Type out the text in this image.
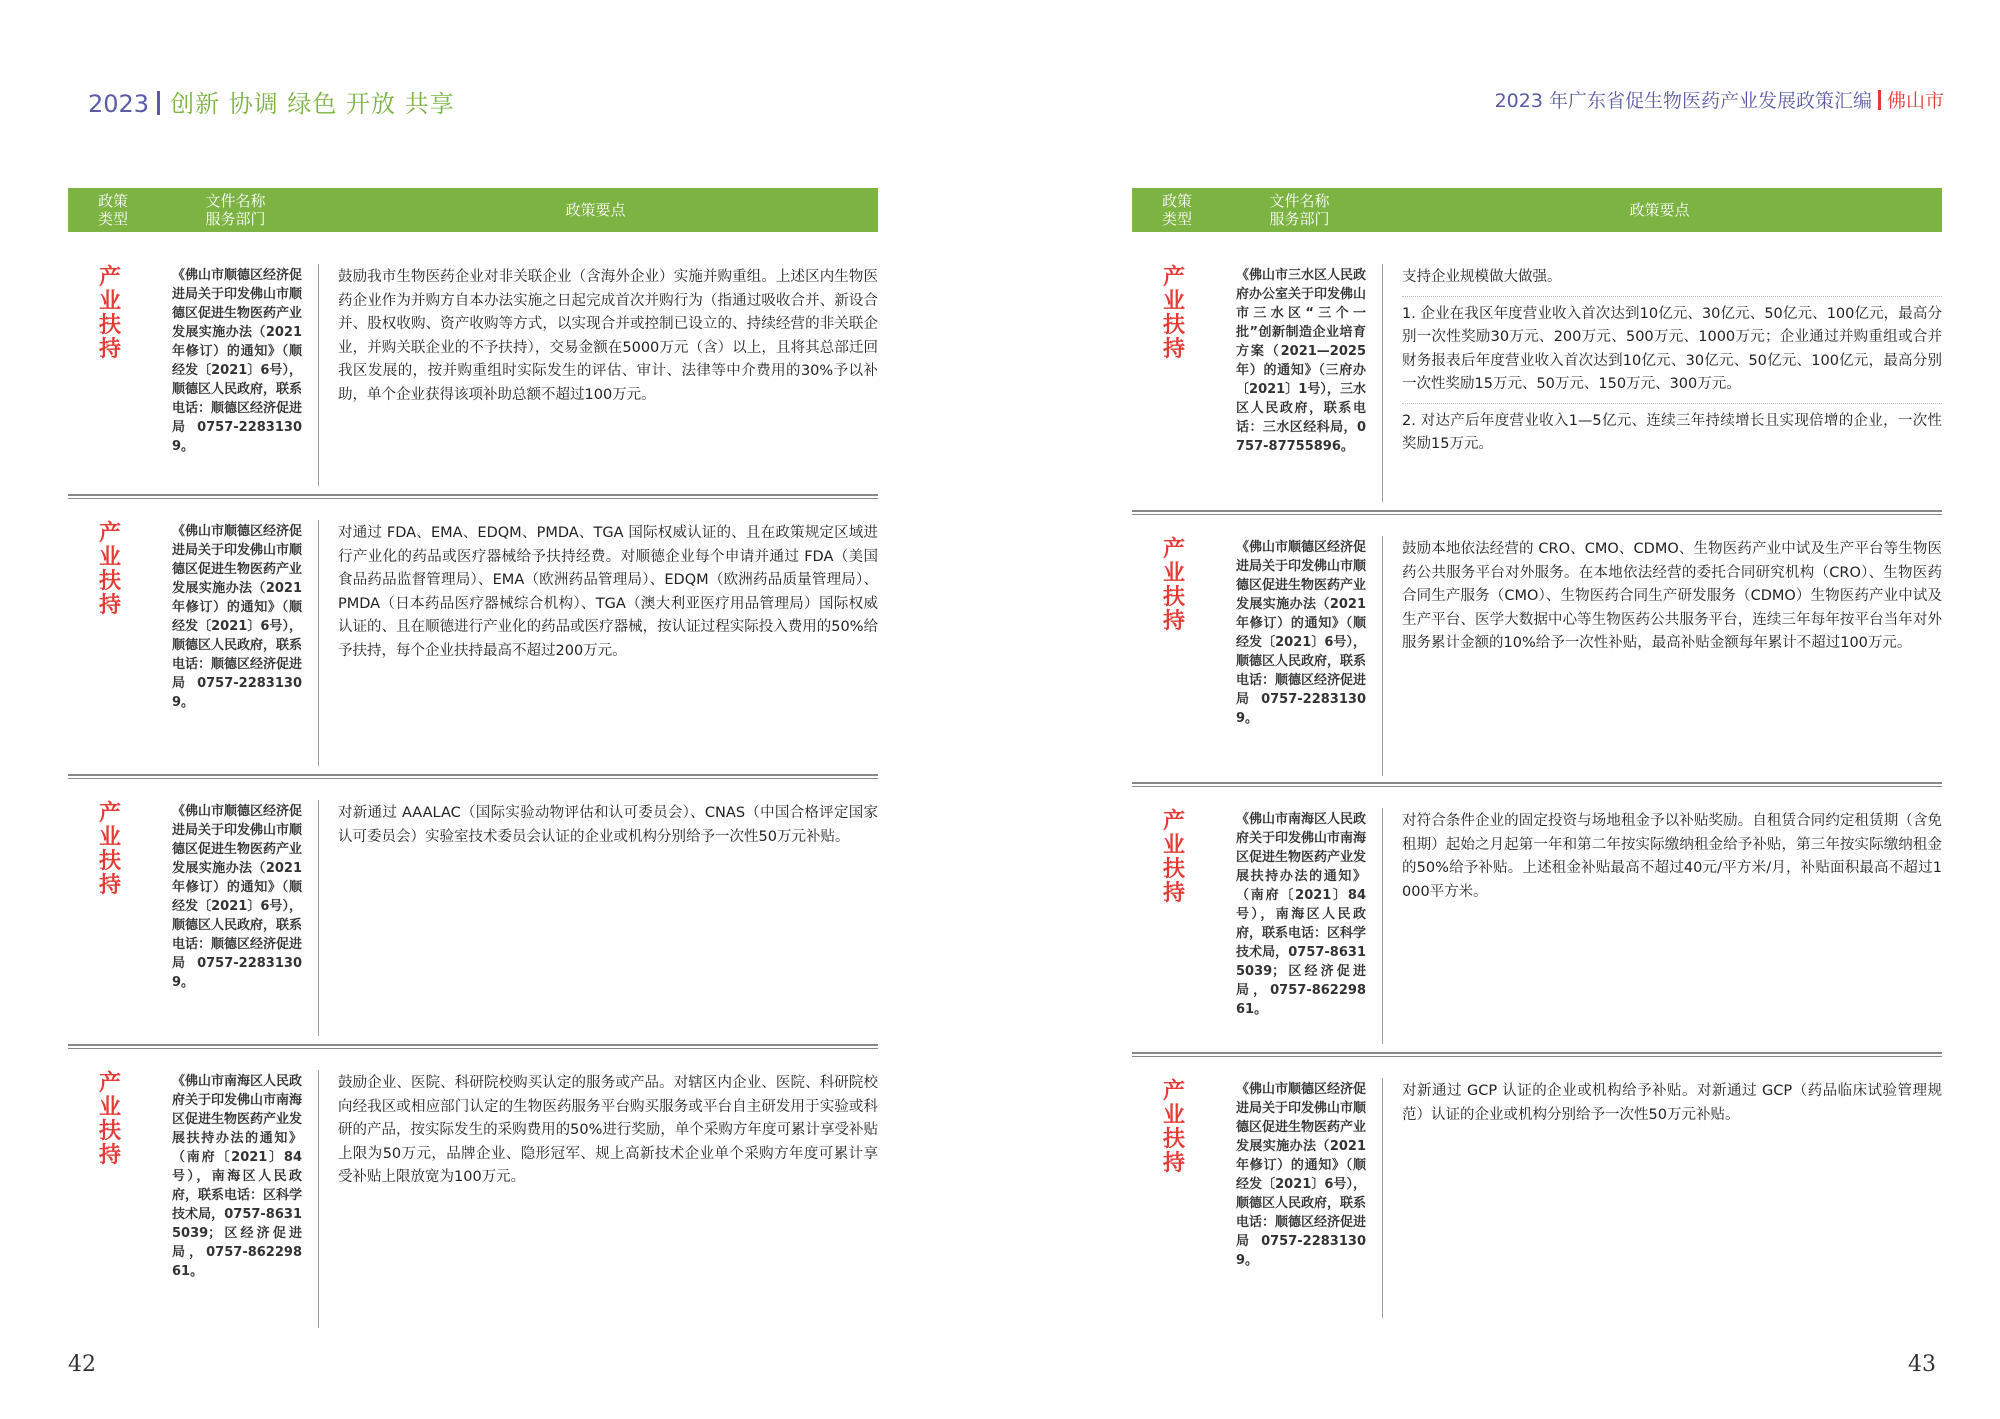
2023 创新 协调 绿色 开放 共享
政策
类型
文件名称
服务部门	政策要点
产业扶持
《佛山市顺德区经济促进局关于印发佛山市顺德区促进生物医药产业发展实施办法（2021年修订）的通知》（顺经发〔2021〕6号），顺德区人民政府，联系电话：顺德区经济促进局0757-22831309。

鼓励我市生物医药企业对非关联企业（含海外企业）实施并购重组。上述区内生物医药企业作为并购方自本办法实施之日起完成首次并购行为（指通过吸收合并、新设合并、股权收购、资产收购等方式，以实现合并或控制已设立的、持续经营的非关联企业，并购关联企业的不予扶持），交易金额在5000万元（含）以上，且将其总部迁回我区发展的，按并购重组时实际发生的评估、审计、法律等中介费用的30%予以补助，单个企业获得该项补助总额不超过100万元。

产业扶持
《佛山市顺德区经济促进局关于印发佛山市顺德区促进生物医药产业发展实施办法（2021年修订）的通知》（顺经发〔2021〕6号），顺德区人民政府，联系电话：顺德区经济促进局0757-22831309。

对通过 FDA、EMA、EDQM、PMDA、TGA 国际权威认证的、且在政策规定区域进行产业化的药品或医疗器械给予扶持经费。对顺德企业每个申请并通过 FDA（美国食品药品监督管理局）、EMA（欧洲药品管理局）、EDQM（欧洲药品质量管理局）、PMDA（日本药品医疗器械综合机构）、TGA（澳大利亚医疗用品管理局）国际权威认证的、且在顺德进行产业化的药品或医疗器械，按认证过程实际投入费用的50%给予扶持，每个企业扶持最高不超过200万元。

产业扶持
《佛山市顺德区经济促进局关于印发佛山市顺德区促进生物医药产业发展实施办法（2021年修订）的通知》（顺经发〔2021〕6号），顺德区人民政府，联系电话：顺德区经济促进局0757-22831309。

对新通过 AAALAC（国际实验动物评估和认可委员会）、CNAS（中国合格评定国家认可委员会）实验室技术委员会认证的企业或机构分别给予一次性50万元补贴。

产业扶持
《佛山市南海区人民政府关于印发佛山市南海区促进生物医药产业发展扶持办法的通知》（南府〔2021〕84号），南海区人民政府，联系电话：区科学技术局，0757-86315039；区经济促进局，0757-86229861。

鼓励企业、医院、科研院校购买认定的服务或产品。对辖区内企业、医院、科研院校向经我区或相应部门认定的生物医药服务平台购买服务或平台自主研发用于实验或科研的产品，按实际发生的采购费用的50%进行奖励，单个采购方年度可累计享受补贴上限为50万元，品牌企业、隐形冠军、规上高新技术企业单个采购方年度可累计享受补贴上限放宽为100万元。

42
2023 年广东省促生物医药产业发展政策汇编 佛山市
政策
类型
文件名称
服务部门	政策要点
产业扶持
《佛山市三水区人民政府办公室关于印发佛山市三水区“三个一批”创新制造企业培育方案（2021—2025年）的通知》（三府办〔2021〕1号），三水区人民政府，联系电话：三水区经科局，0757-87755896。

支持企业规模做大做强。

1. 企业在我区年度营业收入首次达到10亿元、30亿元、50亿元、100亿元，最高分别一次性奖励30万元、200万元、500万元、1000万元；企业通过并购重组或合并财务报表后年度营业收入首次达到10亿元、30亿元、50亿元、100亿元，最高分别一次性奖励15万元、50万元、150万元、300万元。

2. 对达产后年度营业收入1—5亿元、连续三年持续增长且实现倍增的企业，一次性奖励15万元。

产业扶持
《佛山市顺德区经济促进局关于印发佛山市顺德区促进生物医药产业发展实施办法（2021年修订）的通知》（顺经发〔2021〕6号），顺德区人民政府，联系电话：顺德区经济促进局0757-22831309。

鼓励本地依法经营的 CRO、CMO、CDMO、生物医药产业中试及生产平台等生物医药公共服务平台对外服务。在本地依法经营的委托合同研究机构（CRO）、生物医药合同生产服务（CMO）、生物医药合同生产研发服务（CDMO）生物医药产业中试及生产平台、医学大数据中心等生物医药公共服务平台，连续三年每年按平台当年对外服务累计金额的10%给予一次性补贴，最高补贴金额每年累计不超过100万元。

产业扶持
《佛山市南海区人民政府关于印发佛山市南海区促进生物医药产业发展扶持办法的通知》（南府〔2021〕84号），南海区人民政府，联系电话：区科学技术局，0757-86315039；区经济促进局，0757-86229861。

对符合条件企业的固定投资与场地租金予以补贴奖励。自租赁合同约定租赁期（含免租期）起始之月起第一年和第二年按实际缴纳租金给予补贴，第三年按实际缴纳租金的50%给予补贴。上述租金补贴最高不超过40元/平方米/月，补贴面积最高不超过1000平方米。

产业扶持
《佛山市顺德区经济促进局关于印发佛山市顺德区促进生物医药产业发展实施办法（2021年修订）的通知》（顺经发〔2021〕6号），顺德区人民政府，联系电话：顺德区经济促进局0757-22831309。

对新通过 GCP 认证的企业或机构给予补贴。对新通过 GCP（药品临床试验管理规范）认证的企业或机构分别给予一次性50万元补贴。

43
